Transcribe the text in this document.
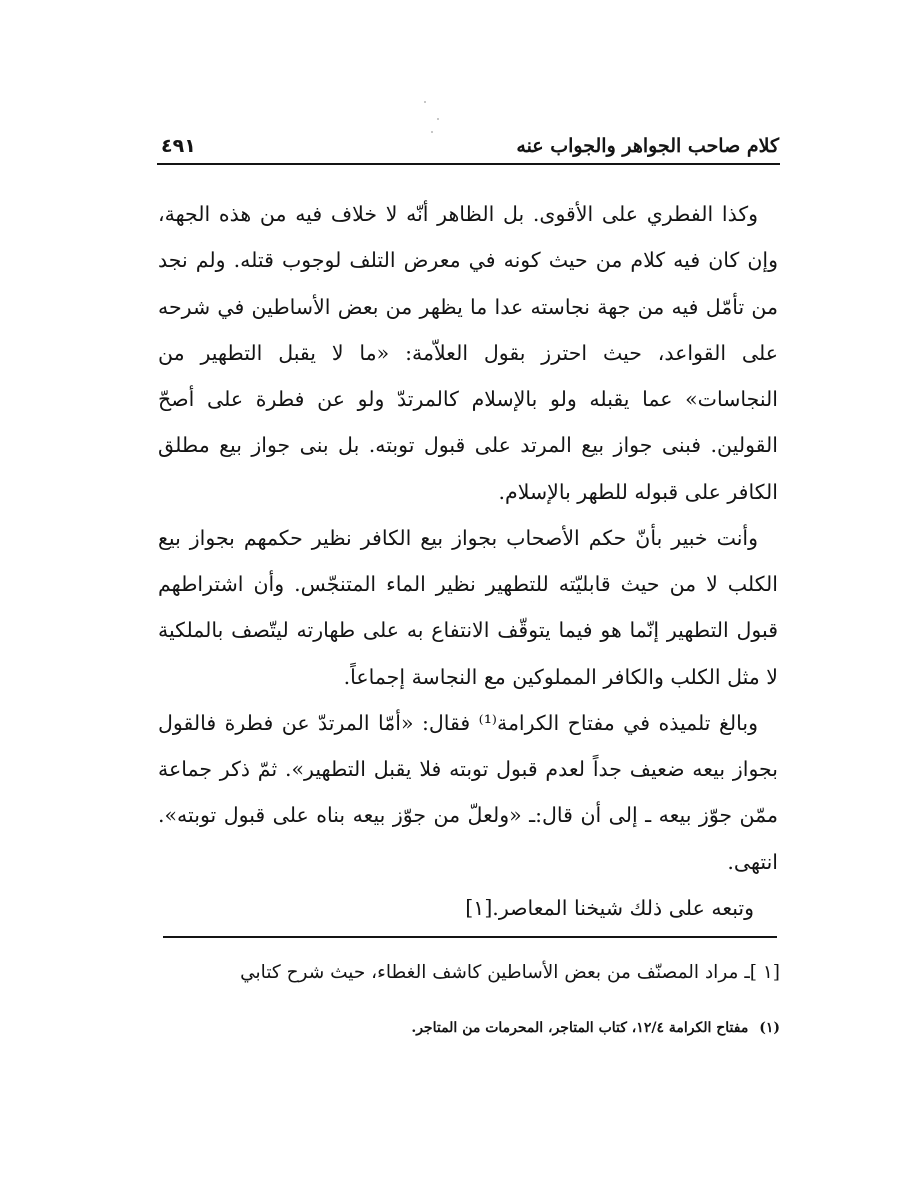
كلام صاحب الجواهر والجواب عنه
٤٩١

وكذا الفطري على الأقوى. بل الظاهر أنّه لا خلاف فيه من هذه الجهة، وإن كان فيه كلام من حيث كونه في معرض التلف لوجوب قتله. ولم نجد من تأمّل فيه من جهة نجاسته عدا ما يظهر من بعض الأساطين في شرحه على القواعد، حيث احترز بقول العلاّمة: «ما لا يقبل التطهير من النجاسات» عما يقبله ولو بالإسلام كالمرتدّ ولو عن فطرة على أصحّ القولين. فبنى جواز بيع المرتد على قبول توبته. بل بنى جواز بيع مطلق الكافر على قبوله للطهر بالإسلام.

وأنت خبير بأنّ حكم الأصحاب بجواز بيع الكافر نظير حكمهم بجواز بيع الكلب لا من حيث قابليّته للتطهير نظير الماء المتنجّس. وأن اشتراطهم قبول التطهير إنّما هو فيما يتوقّف الانتفاع به على طهارته ليتّصف بالملكية لا مثل الكلب والكافر المملوكين مع النجاسة إجماعاً.

وبالغ تلميذه في مفتاح الكرامة⁽¹⁾ فقال: «أمّا المرتدّ عن فطرة فالقول بجواز بيعه ضعيف جداً لعدم قبول توبته فلا يقبل التطهير». ثمّ ذكر جماعة ممّن جوّز بيعه ـ إلى أن قال:ـ «ولعلّ من جوّز بيعه بناه على قبول توبته». انتهى.

وتبعه على ذلك شيخنا المعاصر.[١]

[١ ]ـ مراد المصنّف من بعض الأساطين كاشف الغطاء، حيث شرح كتابي
(١) مفتاح الكرامة ١٢/٤، كتاب المتاجر، المحرمات من المتاجر.
